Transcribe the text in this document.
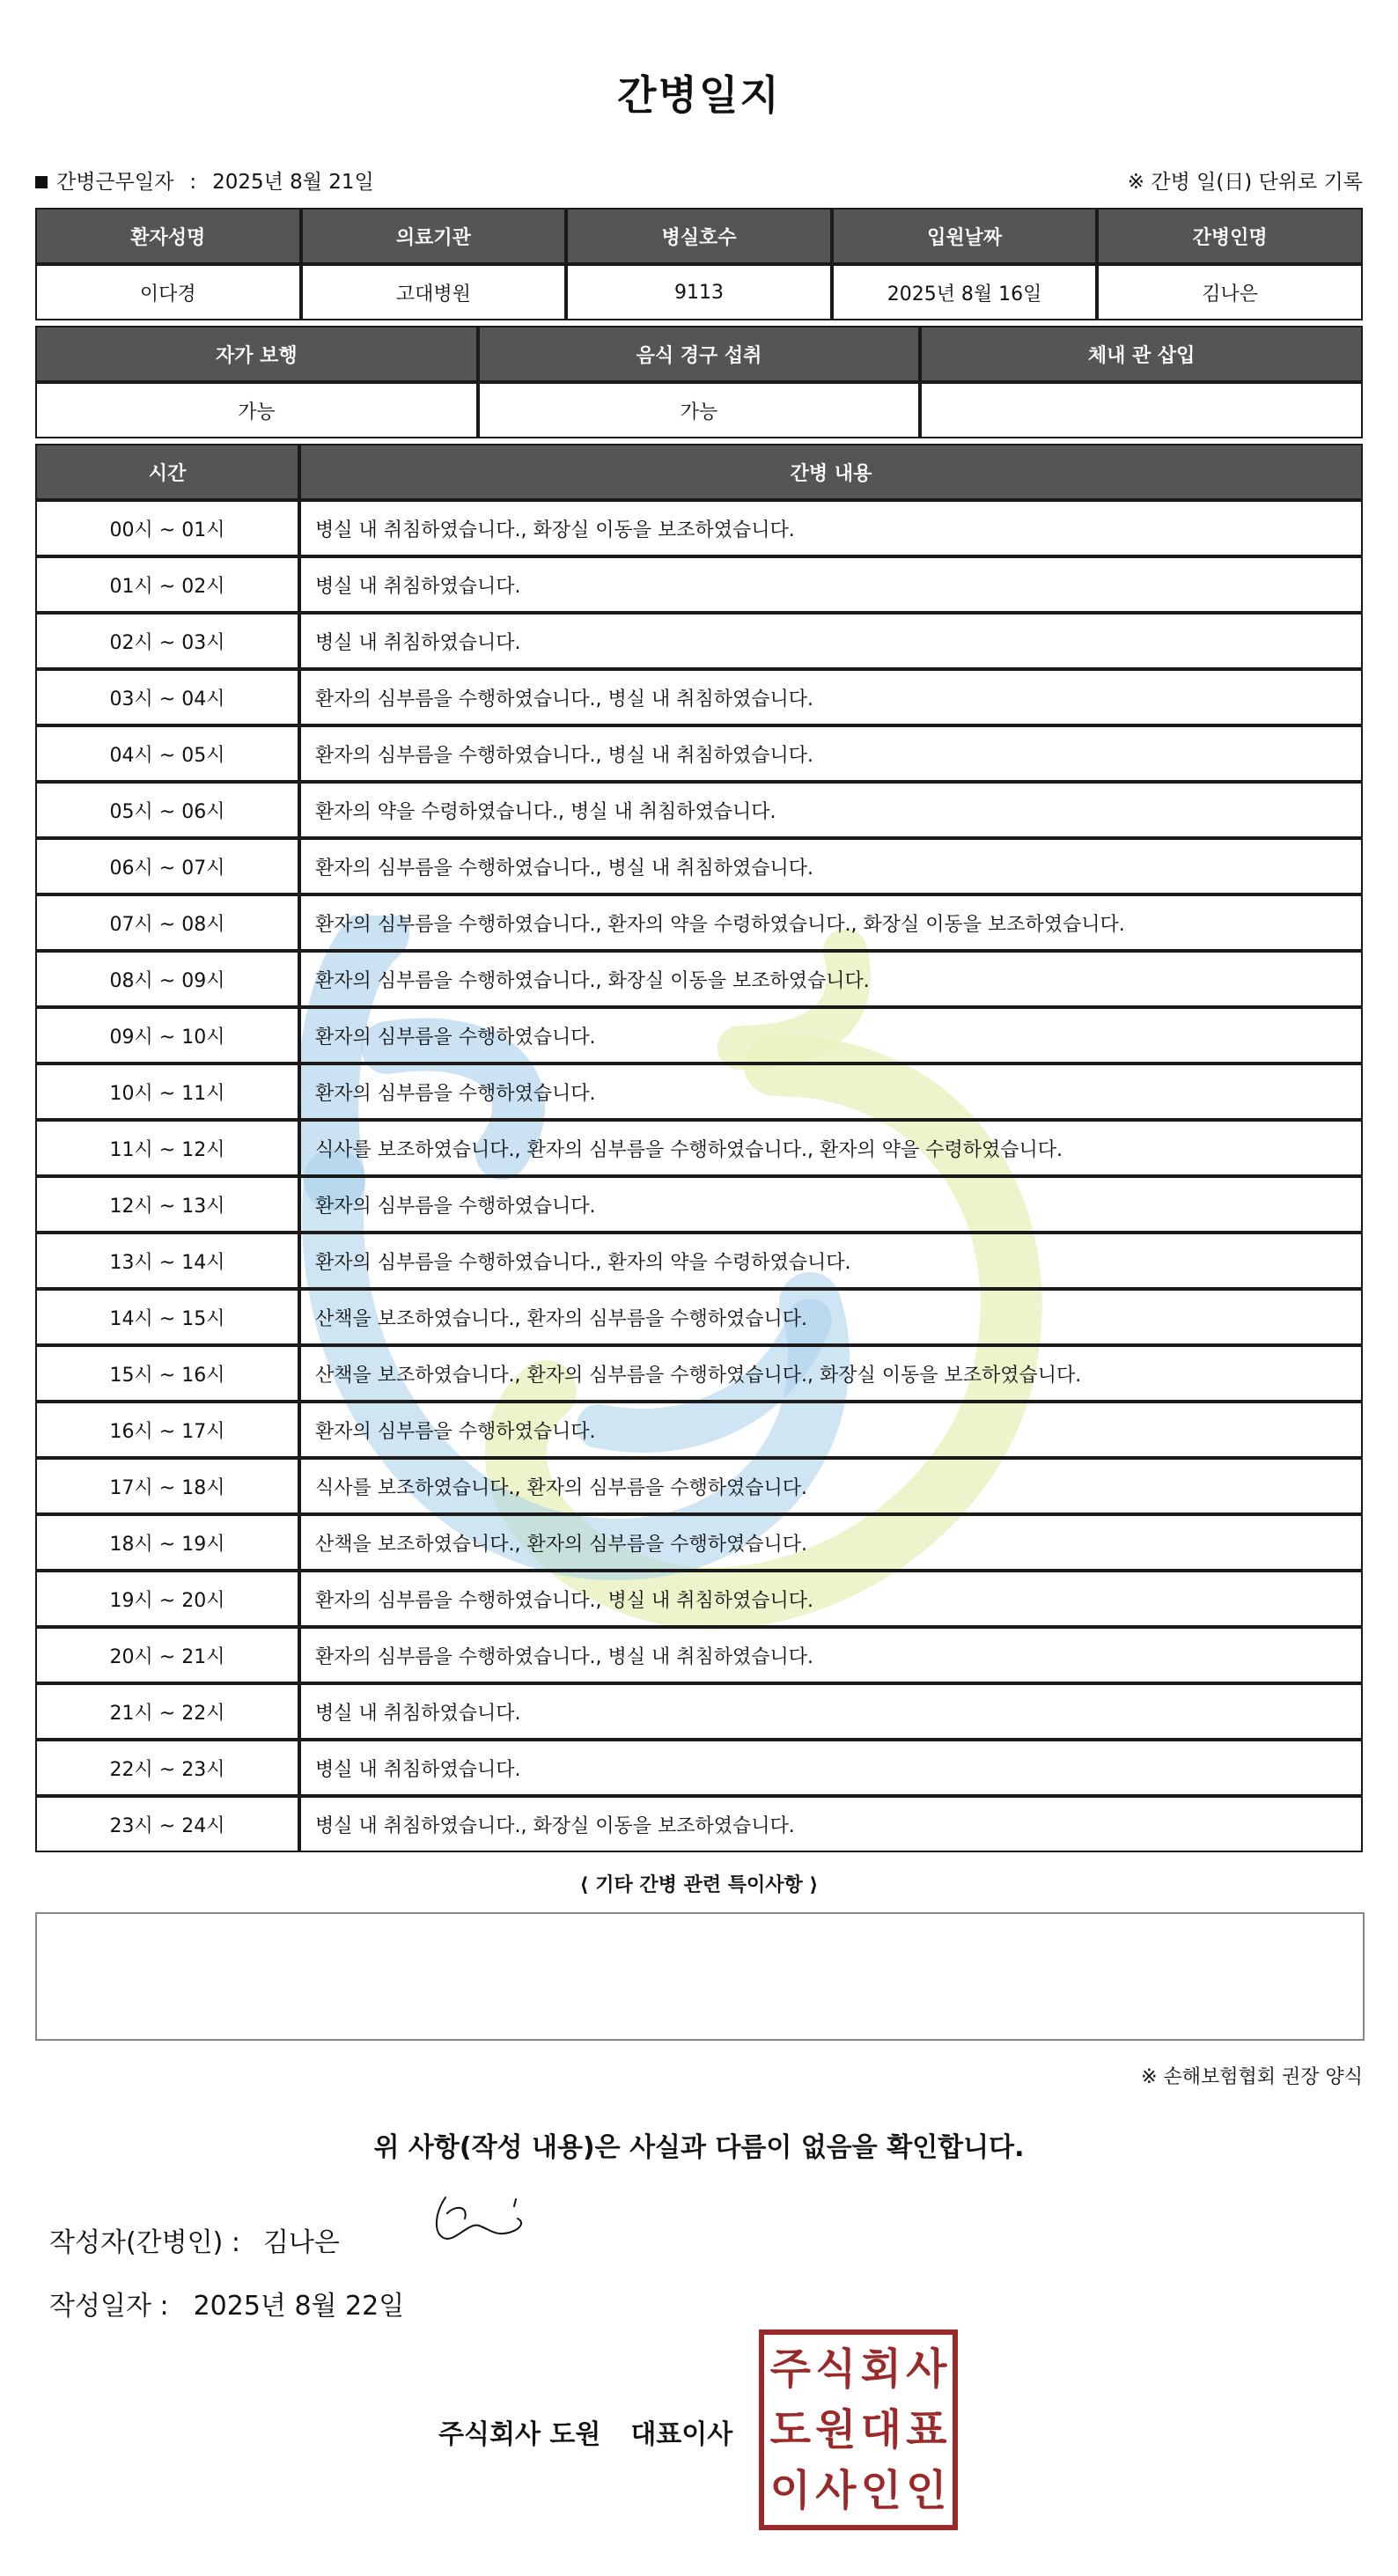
간병일지
간병근무일자 : 2025년 8월 21일	※ 간병 일(日) 단위로 기록
환자성명	의료기관	병실호수	입원날짜	간병인명
이다경	고대병원	9113	2025년 8월 16일	김나은
자가 보행	음식 경구 섭취	체내 관 삽입
가능	가능	
시간	간병 내용
00시 ~ 01시	병실 내 취침하였습니다., 화장실 이동을 보조하였습니다.
01시 ~ 02시	병실 내 취침하였습니다.
02시 ~ 03시	병실 내 취침하였습니다.
03시 ~ 04시	환자의 심부름을 수행하였습니다., 병실 내 취침하였습니다.
04시 ~ 05시	환자의 심부름을 수행하였습니다., 병실 내 취침하였습니다.
05시 ~ 06시	환자의 약을 수령하였습니다., 병실 내 취침하였습니다.
06시 ~ 07시	환자의 심부름을 수행하였습니다., 병실 내 취침하였습니다.
07시 ~ 08시	환자의 심부름을 수행하였습니다., 환자의 약을 수령하였습니다., 화장실 이동을 보조하였습니다.
08시 ~ 09시	환자의 심부름을 수행하였습니다., 화장실 이동을 보조하였습니다.
09시 ~ 10시	환자의 심부름을 수행하였습니다.
10시 ~ 11시	환자의 심부름을 수행하였습니다.
11시 ~ 12시	식사를 보조하였습니다., 환자의 심부름을 수행하였습니다., 환자의 약을 수령하였습니다.
12시 ~ 13시	환자의 심부름을 수행하였습니다.
13시 ~ 14시	환자의 심부름을 수행하였습니다., 환자의 약을 수령하였습니다.
14시 ~ 15시	산책을 보조하였습니다., 환자의 심부름을 수행하였습니다.
15시 ~ 16시	산책을 보조하였습니다., 환자의 심부름을 수행하였습니다., 화장실 이동을 보조하였습니다.
16시 ~ 17시	환자의 심부름을 수행하였습니다.
17시 ~ 18시	식사를 보조하였습니다., 환자의 심부름을 수행하였습니다.
18시 ~ 19시	산책을 보조하였습니다., 환자의 심부름을 수행하였습니다.
19시 ~ 20시	환자의 심부름을 수행하였습니다., 병실 내 취침하였습니다.
20시 ~ 21시	환자의 심부름을 수행하였습니다., 병실 내 취침하였습니다.
21시 ~ 22시	병실 내 취침하였습니다.
22시 ~ 23시	병실 내 취침하였습니다.
23시 ~ 24시	병실 내 취침하였습니다., 화장실 이동을 보조하였습니다.
⟨ 기타 간병 관련 특이사항 ⟩
※ 손해보험협회 권장 양식
위 사항(작성 내용)은 사실과 다름이 없음을 확인합니다.
작성자(간병인) : 김나은
작성일자 : 2025년 8월 22일
주식회사 도원 대표이사
주 식 회 사
도 원 대 표
이 사 인 인
